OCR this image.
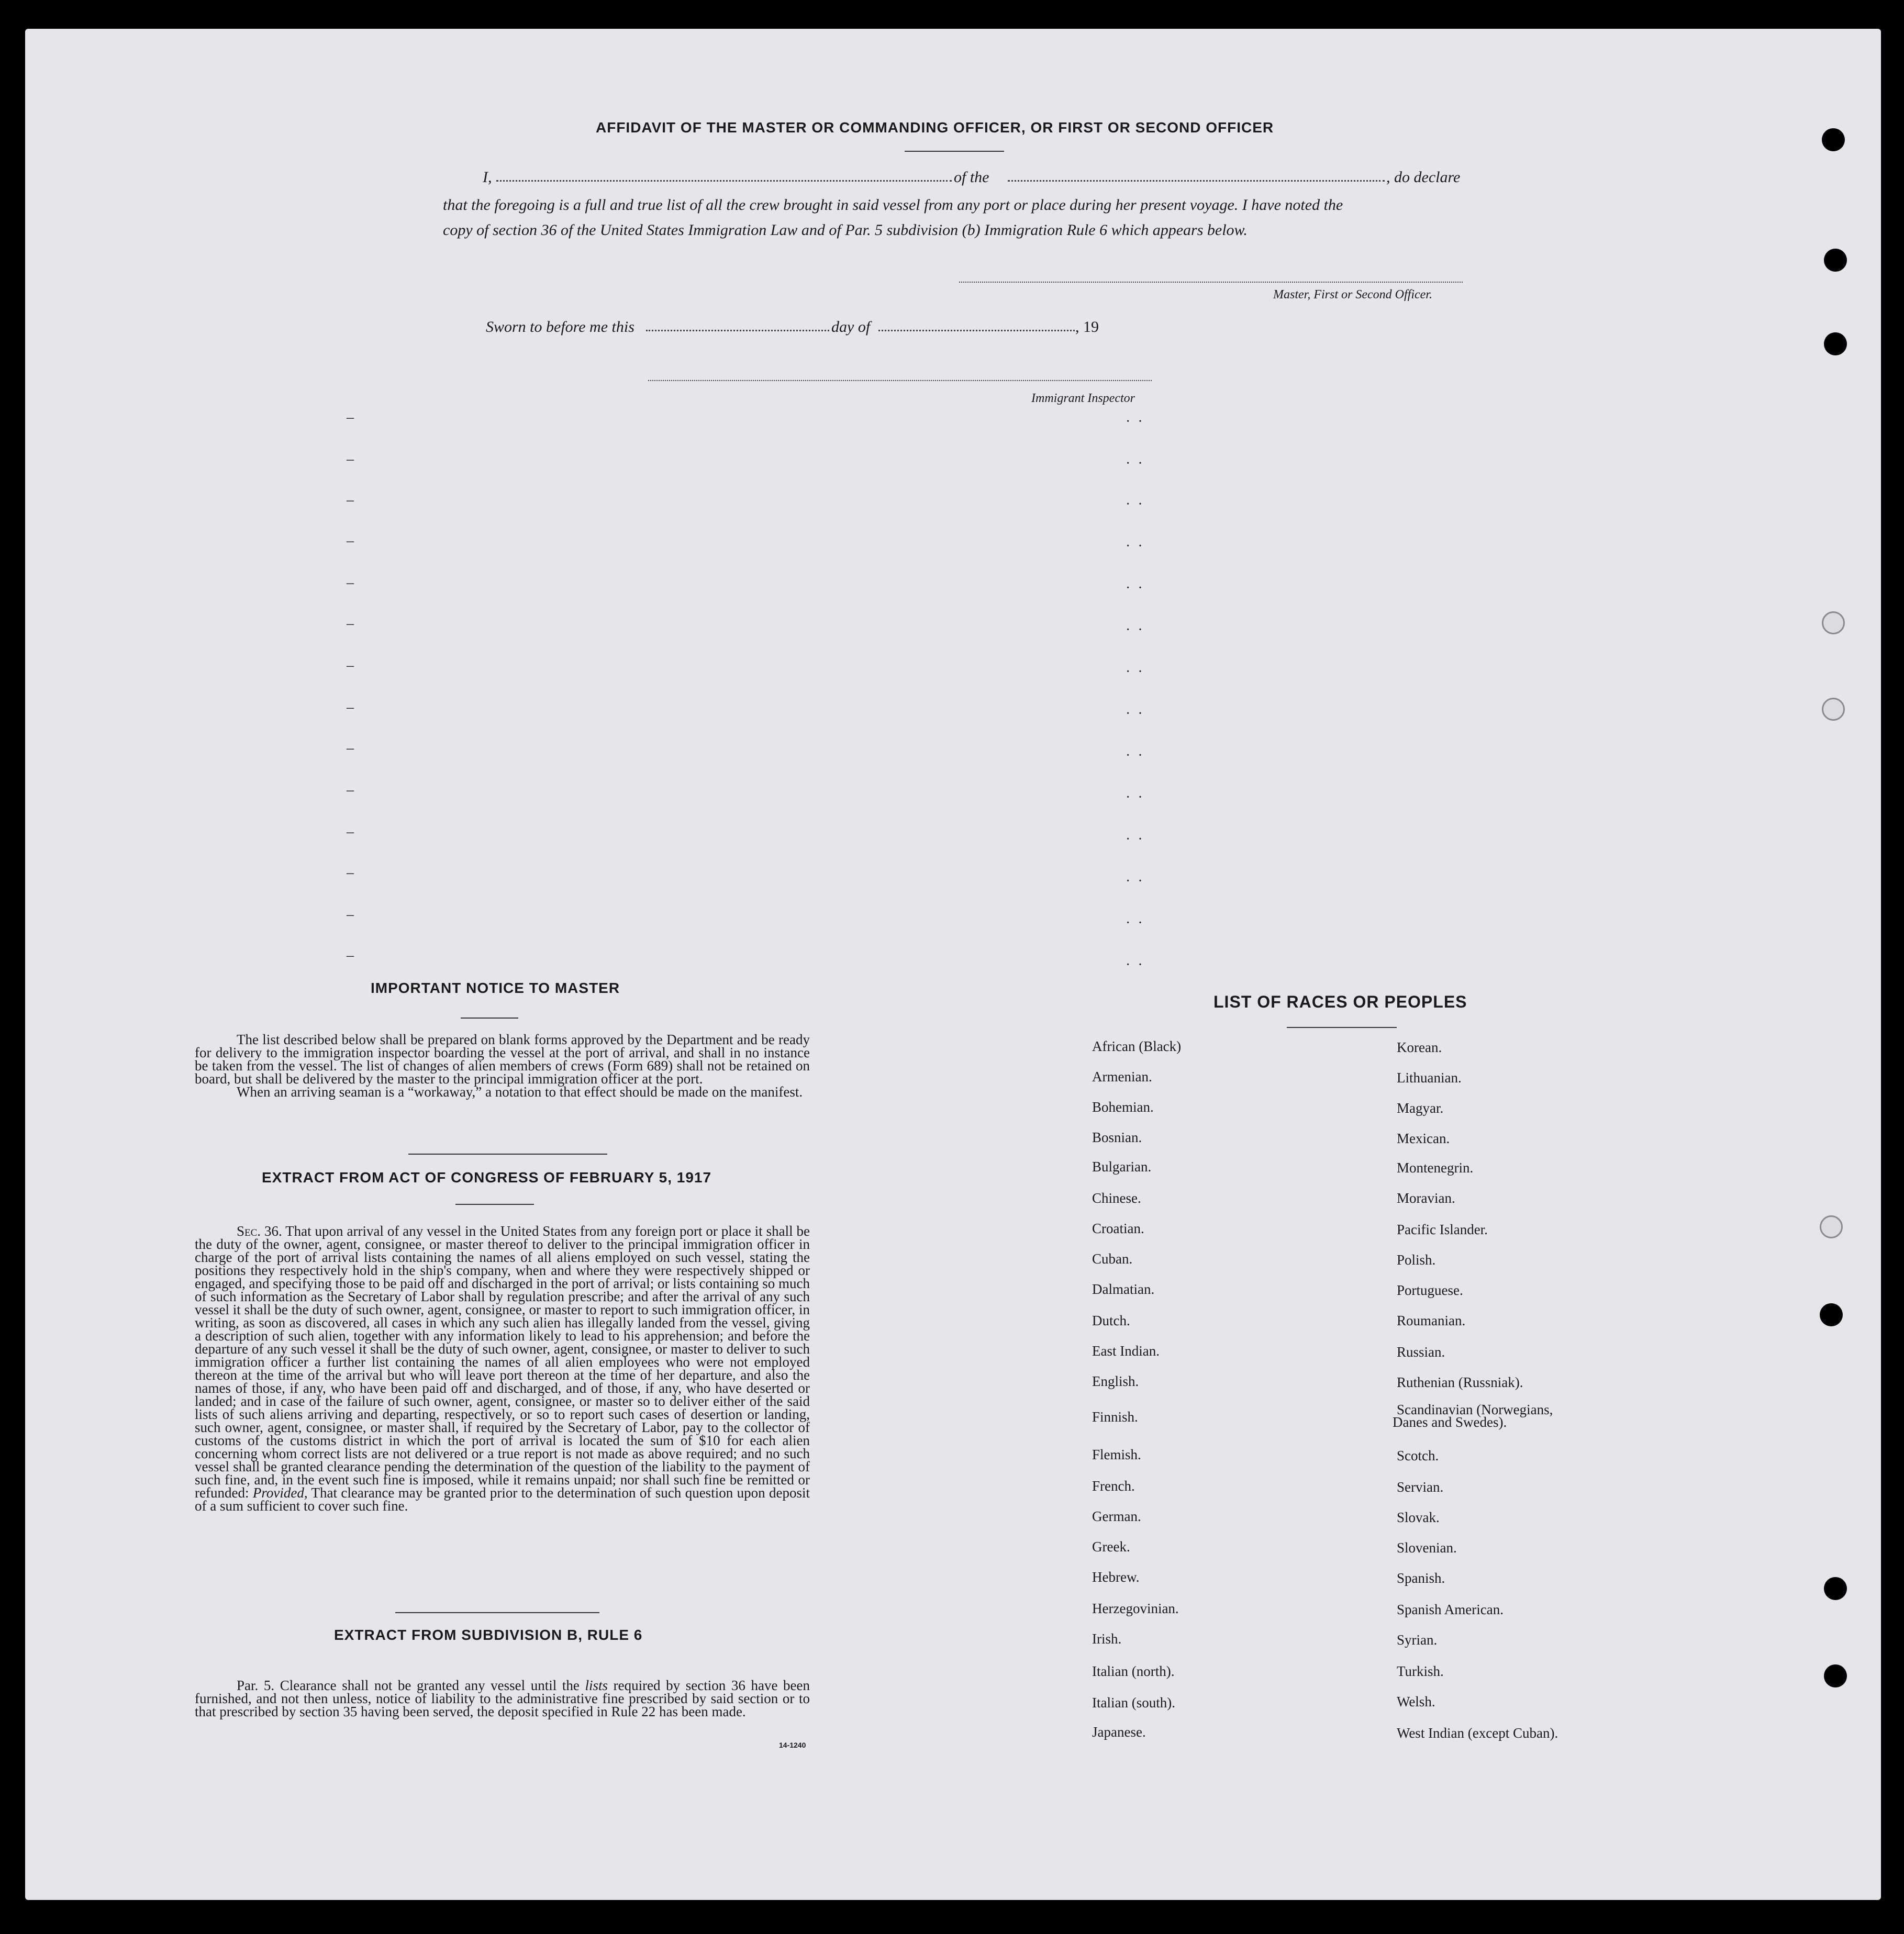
AFFIDAVIT OF THE MASTER OR COMMANDING OFFICER, OR FIRST OR SECOND OFFICER
I,	of the	, do declare
that the foregoing is a full and true list of all the crew brought in said vessel from any port or place during her present voyage. I have noted the
copy of section 36 of the United States Immigration Law and of Par. 5 subdivision (b) Immigration Rule 6 which appears below.
Master, First or Second Officer.
Sworn to before me this	day of	, 19
Immigrant Inspector
–
–
–
–
–
–
–
–
–
–
–
–
–
–
·  ·
·  ·
·  ·
·  ·
·  ·
·  ·
·  ·
·  ·
·  ·
·  ·
·  ·
·  ·
·  ·
·  ·
IMPORTANT NOTICE TO MASTER

The list described below shall be prepared on blank forms approved by the Department and be ready for delivery to the immigration inspector boarding the vessel at the port of arrival, and shall in no instance be taken from the vessel. The list of changes of alien members of crews (Form 689) shall not be retained on board, but shall be delivered by the master to the principal immigration officer at the port.

When an arriving seaman is a “workaway,” a notation to that effect should be made on the manifest.

EXTRACT FROM ACT OF CONGRESS OF FEBRUARY 5, 1917

Sec. 36. That upon arrival of any vessel in the United States from any foreign port or place it shall be the duty of the owner, agent, consignee, or master thereof to deliver to the principal immigration officer in charge of the port of arrival lists containing the names of all aliens employed on such vessel, stating the positions they respectively hold in the ship's company, when and where they were respectively shipped or engaged, and specifying those to be paid off and discharged in the port of arrival; or lists containing so much of such information as the Secretary of Labor shall by regulation prescribe; and after the arrival of any such vessel it shall be the duty of such owner, agent, consignee, or master to report to such immigration officer, in writing, as soon as discovered, all cases in which any such alien has illegally landed from the vessel, giving a description of such alien, together with any information likely to lead to his apprehension; and before the departure of any such vessel it shall be the duty of such owner, agent, consignee, or master to deliver to such immigration officer a further list containing the names of all alien employees who were not employed thereon at the time of the arrival but who will leave port thereon at the time of her departure, and also the names of those, if any, who have been paid off and discharged, and of those, if any, who have deserted or landed; and in case of the failure of such owner, agent, consignee, or master so to deliver either of the said lists of such aliens arriving and departing, respectively, or so to report such cases of desertion or landing, such owner, agent, consignee, or master shall, if required by the Secretary of Labor, pay to the collector of customs of the customs district in which the port of arrival is located the sum of $10 for each alien concerning whom correct lists are not delivered or a true report is not made as above required; and no such vessel shall be granted clearance pending the determination of the question of the liability to the payment of such fine, and, in the event such fine is imposed, while it remains unpaid; nor shall such fine be remitted or refunded: Provided, That clearance may be granted prior to the determination of such question upon deposit of a sum sufficient to cover such fine.

EXTRACT FROM SUBDIVISION B, RULE 6

Par. 5. Clearance shall not be granted any vessel until the lists required by section 36 have been furnished, and not then unless, notice of liability to the administrative fine prescribed by said section or to that prescribed by section 35 having been served, the deposit specified in Rule 22 has been made.

14-1240
LIST OF RACES OR PEOPLES
African (Black)
Armenian.
Bohemian.
Bosnian.
Bulgarian.
Chinese.
Croatian.
Cuban.
Dalmatian.
Dutch.
East Indian.
English.
Finnish.
Flemish.
French.
German.
Greek.
Hebrew.
Herzegovinian.
Irish.
Italian (north).
Italian (south).
Japanese.
Korean.
Lithuanian.
Magyar.
Mexican.
Montenegrin.
Moravian.
Pacific Islander.
Polish.
Portuguese.
Roumanian.
Russian.
Ruthenian (Russniak).
Scandinavian (Norwegians,
Scotch.
Servian.
Slovak.
Slovenian.
Spanish.
Spanish American.
Syrian.
Turkish.
Welsh.
West Indian (except Cuban).
Danes and Swedes).
